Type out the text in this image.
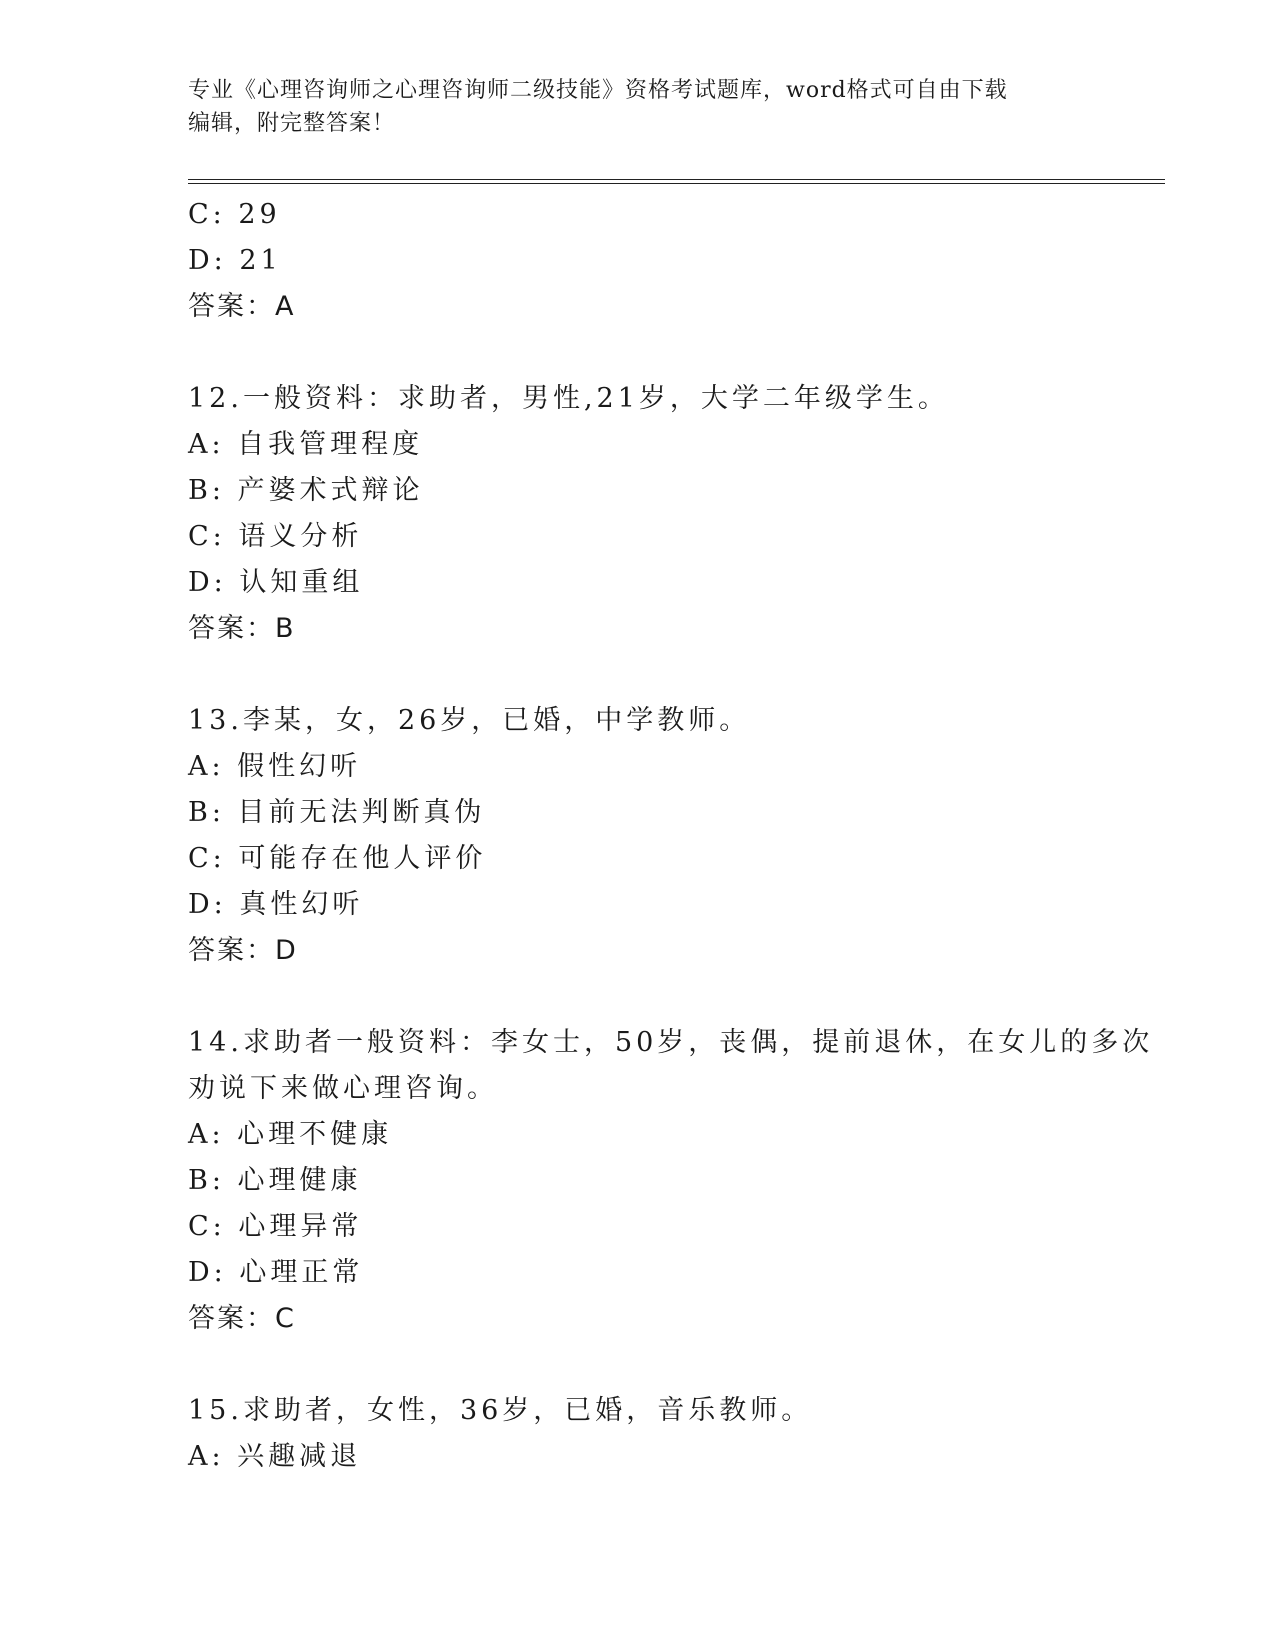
专业《心理咨询师之心理咨询师二级技能》资格考试题库，word格式可自由下载
编辑，附完整答案！
C: 29
D: 21
答案：A
12.一般资料：求助者，男性,21岁，大学二年级学生。
A: 自我管理程度
B: 产婆术式辩论
C: 语义分析
D: 认知重组
答案：B
13.李某，女，26岁，已婚，中学教师。
A: 假性幻听
B: 目前无法判断真伪
C: 可能存在他人评价
D: 真性幻听
答案：D
14.求助者一般资料：李女士，50岁，丧偶，提前退休，在女儿的多次
劝说下来做心理咨询。
A: 心理不健康
B: 心理健康
C: 心理异常
D: 心理正常
答案：C
15.求助者，女性，36岁，已婚，音乐教师。
A: 兴趣减退
